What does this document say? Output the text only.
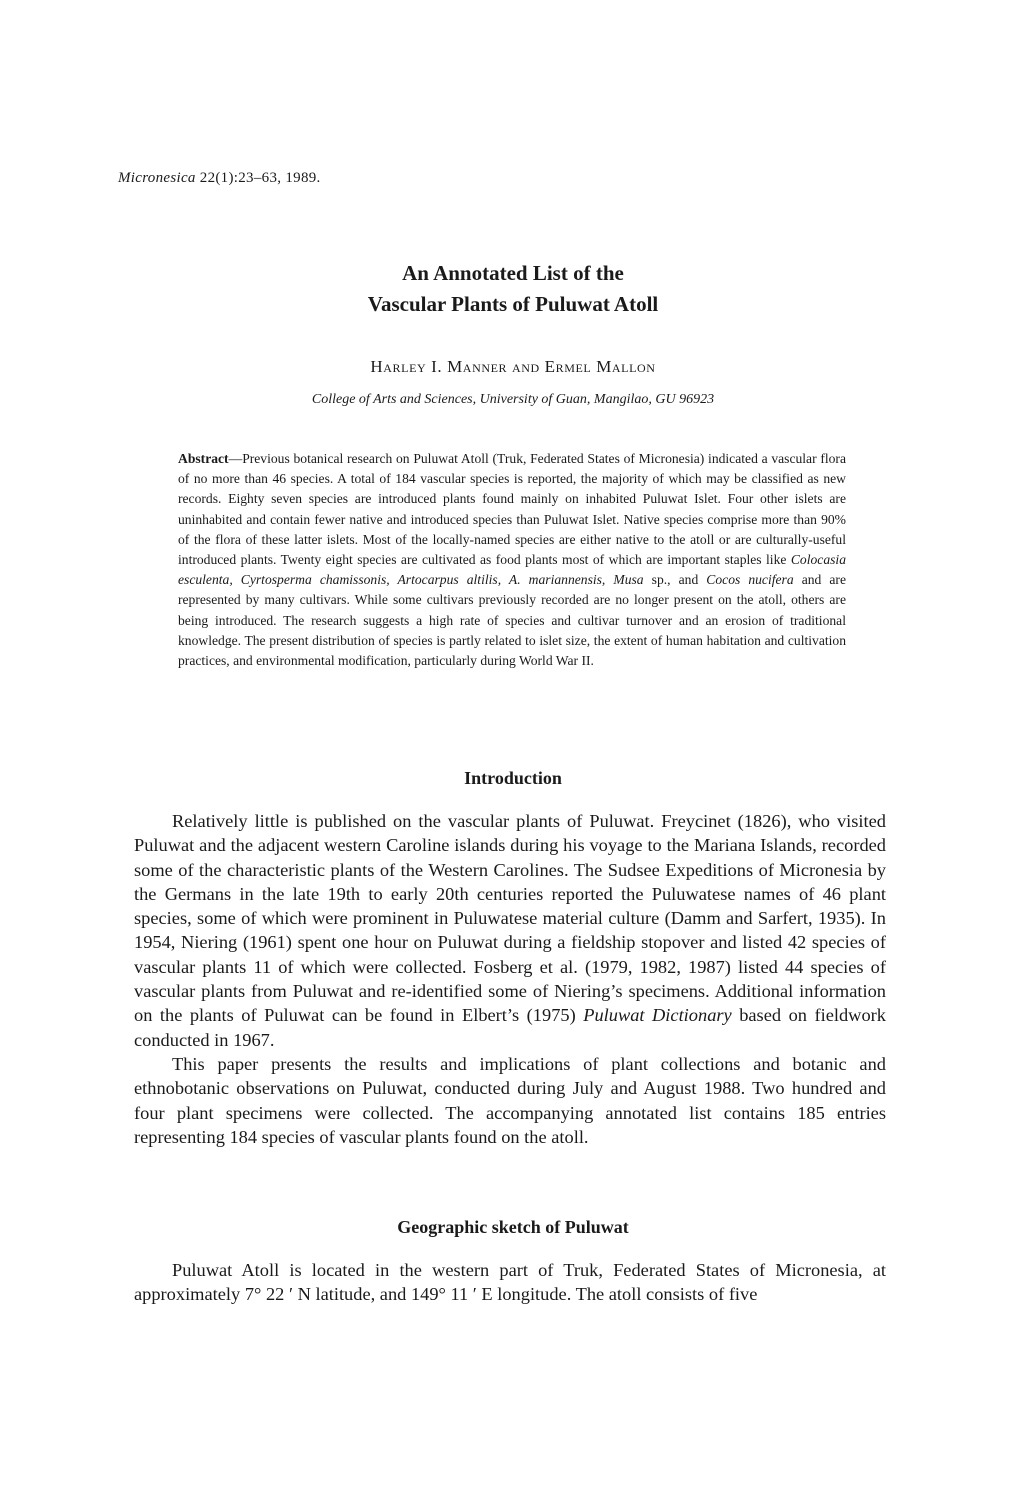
Micronesica 22(1):23–63, 1989.
An Annotated List of the
Vascular Plants of Puluwat Atoll
Harley I. Manner and Ermel Mallon
College of Arts and Sciences, University of Guan, Mangilao, GU 96923
Abstract—Previous botanical research on Puluwat Atoll (Truk, Federated States of Micronesia) indicated a vascular flora of no more than 46 species. A total of 184 vascular species is reported, the majority of which may be classified as new records. Eighty seven species are introduced plants found mainly on inhabited Puluwat Islet. Four other islets are uninhabited and contain fewer native and introduced species than Puluwat Islet. Native species comprise more than 90% of the flora of these latter islets. Most of the locally-named species are either native to the atoll or are culturally-useful introduced plants. Twenty eight species are cultivated as food plants most of which are important staples like Colocasia esculenta, Cyrtosperma chamissonis, Artocarpus altilis, A. mariannensis, Musa sp., and Cocos nucifera and are represented by many cultivars. While some cultivars previously recorded are no longer present on the atoll, others are being introduced. The research suggests a high rate of species and cultivar turnover and an erosion of traditional knowledge. The present distribution of species is partly related to islet size, the extent of human habitation and cultivation practices, and environmental modification, particularly during World War II.
Introduction

Relatively little is published on the vascular plants of Puluwat. Freycinet (1826), who visited Puluwat and the adjacent western Caroline islands during his voyage to the Mariana Islands, recorded some of the characteristic plants of the Western Carolines. The Sudsee Expeditions of Micronesia by the Germans in the late 19th to early 20th centuries reported the Puluwatese names of 46 plant species, some of which were prominent in Puluwatese material culture (Damm and Sarfert, 1935). In 1954, Niering (1961) spent one hour on Puluwat during a fieldship stopover and listed 42 species of vascular plants 11 of which were collected. Fosberg et al. (1979, 1982, 1987) listed 44 species of vascular plants from Puluwat and re-identified some of Niering’s specimens. Additional information on the plants of Puluwat can be found in Elbert’s (1975) Puluwat Dictionary based on fieldwork conducted in 1967.

This paper presents the results and implications of plant collections and botanic and ethnobotanic observations on Puluwat, conducted during July and August 1988. Two hundred and four plant specimens were collected. The accompanying annotated list contains 185 entries representing 184 species of vascular plants found on the atoll.

Geographic sketch of Puluwat

Puluwat Atoll is located in the western part of Truk, Federated States of Micronesia, at approximately 7° 22 ′ N latitude, and 149° 11 ′ E longitude. The atoll consists of five
